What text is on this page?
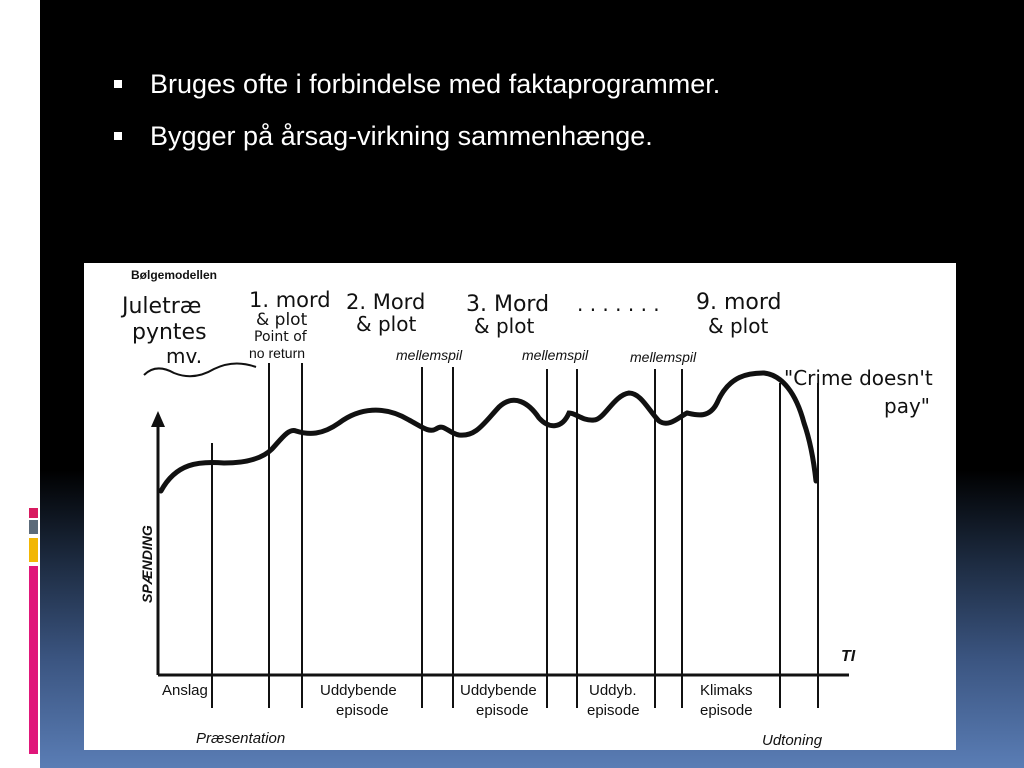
Bruges ofte i forbindelse med faktaprogrammer.
Bygger på årsag-virkning sammenhænge.
Bølgemodellen
Juletræ
pyntes
mv.
1. mord
& plot
Point of
no return
2. Mord
& plot
3. Mord
& plot
. . . . . . . 9. mord
& plot
"Crime doesn't
pay"
mellemspil	mellemspil	mellemspil
TI
SPÆNDING
Anslag
Præsentation
Uddybende
episode
Uddybende
episode
Uddyb.
episode
Klimaks
episode
Udtoning
